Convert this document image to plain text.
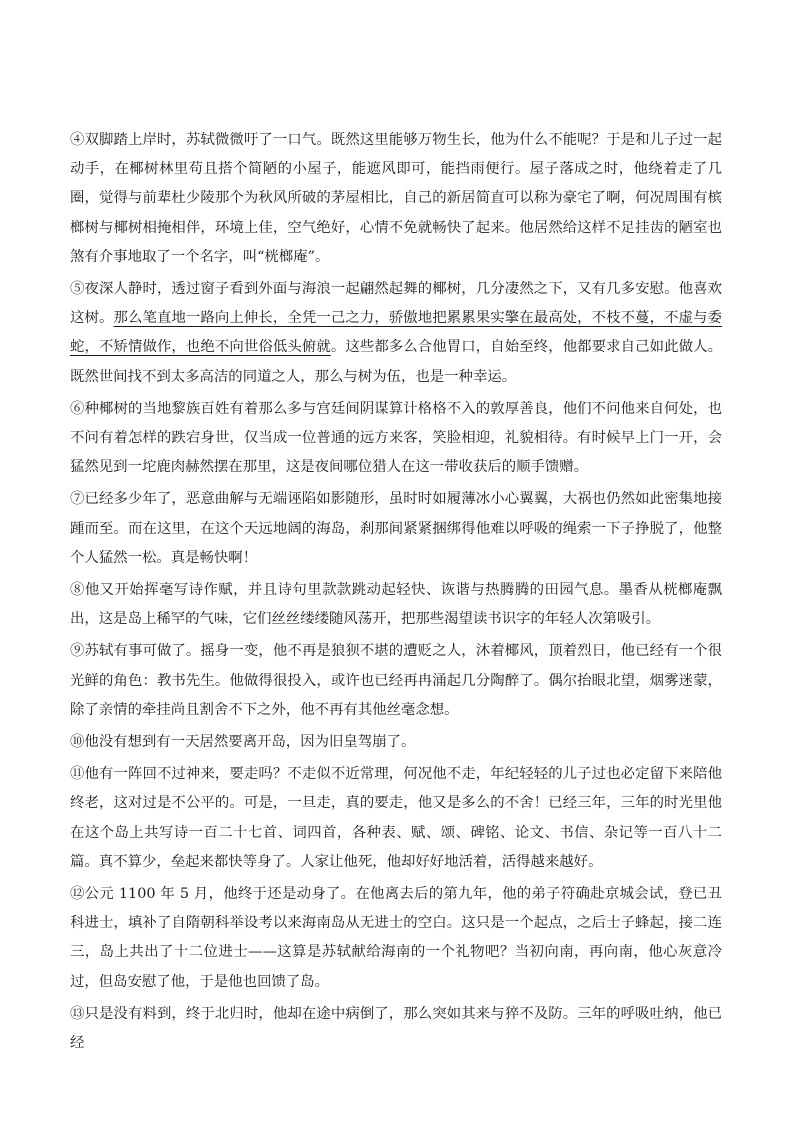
④双脚踏上岸时，苏轼微微吁了一口气。既然这里能够万物生长，他为什么不能呢？于是和儿子过一起动手，在椰树林里苟且搭个简陋的小屋子，能遮风即可，能挡雨便行。屋子落成之时，他绕着走了几圈，觉得与前辈杜少陵那个为秋风所破的茅屋相比，自己的新居简直可以称为豪宅了啊，何况周围有槟榔树与椰树相掩相伴，环境上佳，空气绝好，心情不免就畅快了起来。他居然给这样不足挂齿的陋室也煞有介事地取了一个名字，叫“桄榔庵”。

⑤夜深人静时，透过窗子看到外面与海浪一起翩然起舞的椰树，几分凄然之下，又有几多安慰。他喜欢这树。那么笔直地一路向上伸长，全凭一己之力，骄傲地把累累果实擎在最高处，不枝不蔓，不虚与委蛇，不矫情做作，也绝不向世俗低头俯就。这些都多么合他胃口，自始至终，他都要求自己如此做人。既然世间找不到太多高洁的同道之人，那么与树为伍，也是一种幸运。

⑥种椰树的当地黎族百姓有着那么多与宫廷间阴谋算计格格不入的敦厚善良，他们不问他来自何处，也不问有着怎样的跌宕身世，仅当成一位普通的远方来客，笑脸相迎，礼貌相待。有时候早上门一开，会猛然见到一坨鹿肉赫然摆在那里，这是夜间哪位猎人在这一带收获后的顺手馈赠。

⑦已经多少年了，恶意曲解与无端诬陷如影随形，虽时时如履薄冰小心翼翼，大祸也仍然如此密集地接踵而至。而在这里，在这个天远地阔的海岛，刹那间紧紧捆绑得他难以呼吸的绳索一下子挣脱了，他整个人猛然一松。真是畅快啊！

⑧他又开始挥毫写诗作赋，并且诗句里款款跳动起轻快、诙谐与热腾腾的田园气息。墨香从桄榔庵飘出，这是岛上稀罕的气味，它们丝丝缕缕随风荡开，把那些渴望读书识字的年轻人次第吸引。

⑨苏轼有事可做了。摇身一变，他不再是狼狈不堪的遭贬之人，沐着椰风，顶着烈日，他已经有一个很光鲜的角色：教书先生。他做得很投入，或许也已经再冉涌起几分陶醉了。偶尔抬眼北望，烟雾迷蒙，除了亲情的牵挂尚且割舍不下之外，他不再有其他丝毫念想。

⑩他没有想到有一天居然要离开岛，因为旧皇驾崩了。

⑪他有一阵回不过神来，要走吗？不走似不近常理，何况他不走，年纪轻轻的儿子过也必定留下来陪他终老，这对过是不公平的。可是，一旦走，真的要走，他又是多么的不舍！已经三年，三年的时光里他在这个岛上共写诗一百二十七首、词四首，各种表、赋、颂、碑铭、论文、书信、杂记等一百八十二篇。真不算少，垒起来都快等身了。人家让他死，他却好好地活着，活得越来越好。

⑫公元 1100 年 5 月，他终于还是动身了。在他离去后的第九年，他的弟子符确赴京城会试，登已丑科进士，填补了自隋朝科举设考以来海南岛从无进士的空白。这只是一个起点，之后士子蜂起，接二连三，岛上共出了十二位进士——这算是苏轼献给海南的一个礼物吧？当初向南，再向南，他心灰意冷过，但岛安慰了他，于是他也回馈了岛。

⑬只是没有料到，终于北归时，他却在途中病倒了，那么突如其来与猝不及防。三年的呼吸吐纳，他已经
